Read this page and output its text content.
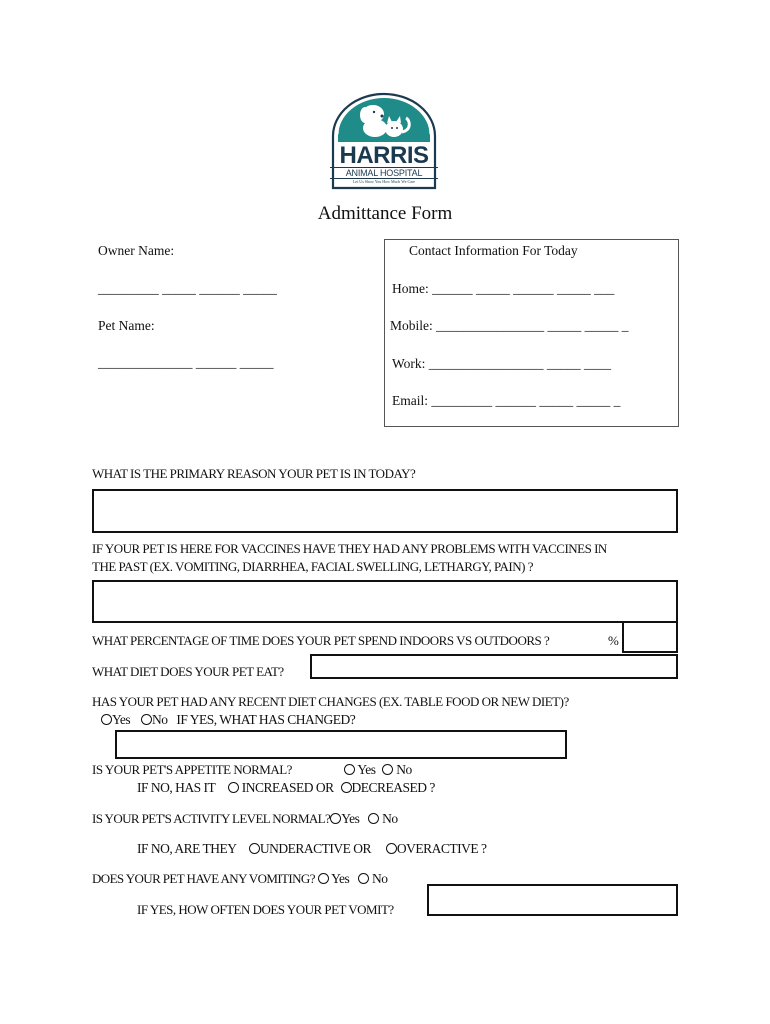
HARRIS
ANIMAL HOSPITAL
Let Us Show You How Much We Care
Admittance Form
Owner Name:
_________ _____ ______ _____
Pet Name:
______________ ______ _____
Contact Information For Today
Home: ______ _____ ______ _____ ___
Mobile: ________________ _____ _____ _
Work: _________________ _____ ____
Email: _________ ______ _____ _____ _
WHAT IS THE PRIMARY REASON YOUR PET IS IN TODAY?
IF YOUR PET IS HERE FOR VACCINES HAVE THEY HAD ANY PROBLEMS WITH VACCINES IN
THE PAST (EX. VOMITING, DIARRHEA, FACIAL SWELLING, LETHARGY, PAIN) ?
WHAT PERCENTAGE OF TIME DOES YOUR PET SPEND INDOORS VS OUTDOORS ?	%
WHAT DIET DOES YOUR PET EAT?
HAS YOUR PET HAD ANY RECENT DIET CHANGES (EX. TABLE FOOD OR NEW DIET)?
Yes No IF YES, WHAT HAS CHANGED?
IS YOUR PET'S APPETITE NORMAL?	Yes No
IF NO, HAS IT INCREASED OR DECREASED ?
IS YOUR PET'S ACTIVITY LEVEL NORMAL? Yes No
IF NO, ARE THEY UNDERACTIVE OR OVERACTIVE ?
DOES YOUR PET HAVE ANY VOMITING? Yes No
IF YES, HOW OFTEN DOES YOUR PET VOMIT?
